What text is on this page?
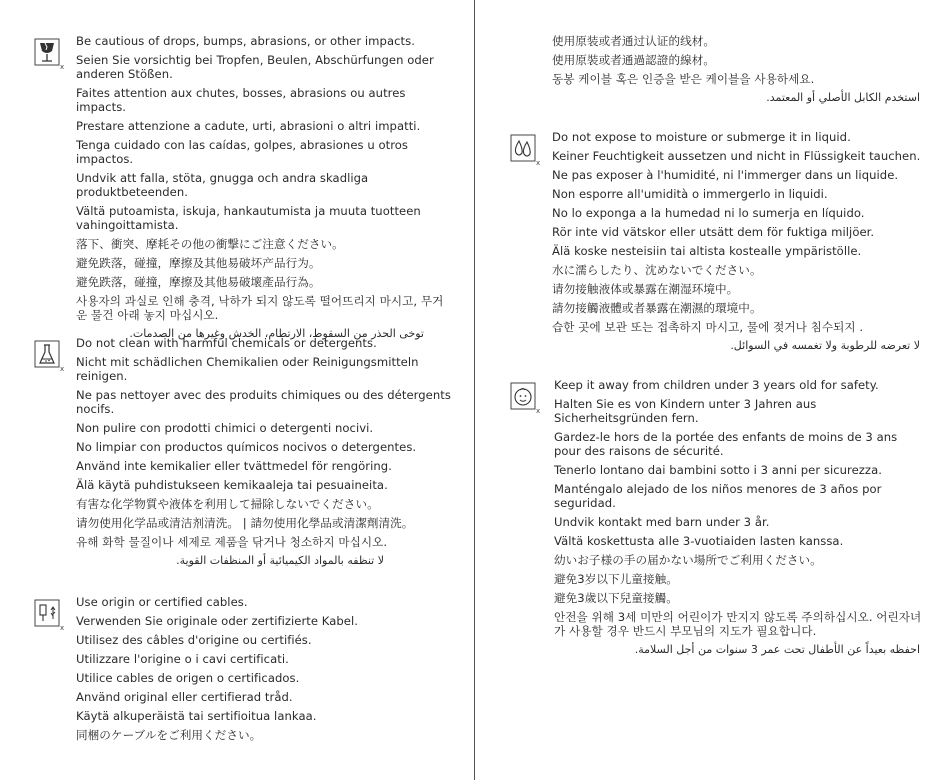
x
Be cautious of drops, bumps, abrasions, or other impacts.
Seien Sie vorsichtig bei Tropfen, Beulen, Abschürfungen oder anderen Stößen.
Faites attention aux chutes, bosses, abrasions ou autres impacts.
Prestare attenzione a cadute, urti, abrasioni o altri impatti.
Tenga cuidado con las caídas, golpes, abrasiones u otros impactos.
Undvik att falla, stöta, gnugga och andra skadliga produktbeteenden.
Vältä putoamista, iskuja, hankautumista ja muuta tuotteen vahingoittamista.
落下、衝突、摩耗その他の衝撃にご注意ください。
避免跌落，碰撞，摩擦及其他易破坏产品行为。
避免跌落，碰撞，摩擦及其他易破壞產品行為。
사용자의 과실로 인해 충격, 낙하가 되지 않도록 떨어뜨리지 마시고, 무거운 물건 아래 놓지 마십시오.
توخى الحذر من السقوط، الارتطام، الخدش وغيرها من الصدمات.
x
Do not clean with harmful chemicals or detergents.
Nicht mit schädlichen Chemikalien oder Reinigungsmitteln reinigen.
Ne pas nettoyer avec des produits chimiques ou des détergents nocifs.
Non pulire con prodotti chimici o detergenti nocivi.
No limpiar con productos químicos nocivos o detergentes.
Använd inte kemikalier eller tvättmedel för rengöring.
Älä käytä puhdistukseen kemikaaleja tai pesuaineita.
有害な化学物質や液体を利用して掃除しないでください。
请勿使用化学品或清洁剂清洗。 | 請勿使用化學品或清潔劑清洗。
유해 화학 물질이나 세제로 제품을 닦거나 청소하지 마십시오.
لا تنظفه بالمواد الكيميائية أو المنظفات القوية.
x
Use origin or certified cables.
Verwenden Sie originale oder zertifizierte Kabel.
Utilisez des câbles d'origine ou certifiés.
Utilizzare l'origine o i cavi certificati.
Utilice cables de origen o certificados.
Använd original eller certifierad tråd.
Käytä alkuperäistä tai sertifioitua lankaa.
同梱のケーブルをご利用ください。
使用原装或者通过认证的线材。
使用原裝或者通過認證的線材。
동봉 케이블 혹은 인증을 받은 케이블을 사용하세요.
استخدم الكابل الأصلي أو المعتمد.
x
Do not expose to moisture or submerge it in liquid.
Keiner Feuchtigkeit aussetzen und nicht in Flüssigkeit tauchen.
Ne pas exposer à l'humidité, ni l'immerger dans un liquide.
Non esporre all'umidità o immergerlo in liquidi.
No lo exponga a la humedad ni lo sumerja en líquido.
Rör inte vid vätskor eller utsätt dem för fuktiga miljöer.
Älä koske nesteisiin tai altista kostealle ympäristölle.
水に濡らしたり、沈めないでください。
请勿接触液体或暴露在潮湿环境中。
請勿接觸液體或者暴露在潮濕的環境中。
습한 곳에 보관 또는 접촉하지 마시고, 물에 젖거나 침수되지 .
لا تعرضه للرطوبة ولا تغمسه في السوائل.
x
Keep it away from children under 3 years old for safety.
Halten Sie es von Kindern unter 3 Jahren aus Sicherheitsgründen fern.
Gardez-le hors de la portée des enfants de moins de 3 ans pour des raisons de sécurité.
Tenerlo lontano dai bambini sotto i 3 anni per sicurezza.
Manténgalo alejado de los niños menores de 3 años por seguridad.
Undvik kontakt med barn under 3 år.
Vältä koskettusta alle 3-vuotiaiden lasten kanssa.
幼いお子様の手の届かない場所でご利用ください。
避免3岁以下儿童接触。
避免3歲以下兒童接觸。
안전을 위해 3세 미만의 어린이가 만지지 않도록 주의하십시오. 어린자녀가 사용할 경우 반드시 부모님의 지도가 필요합니다.
احفظه بعيداً عن الأطفال تحت عمر 3 سنوات من أجل السلامة.
